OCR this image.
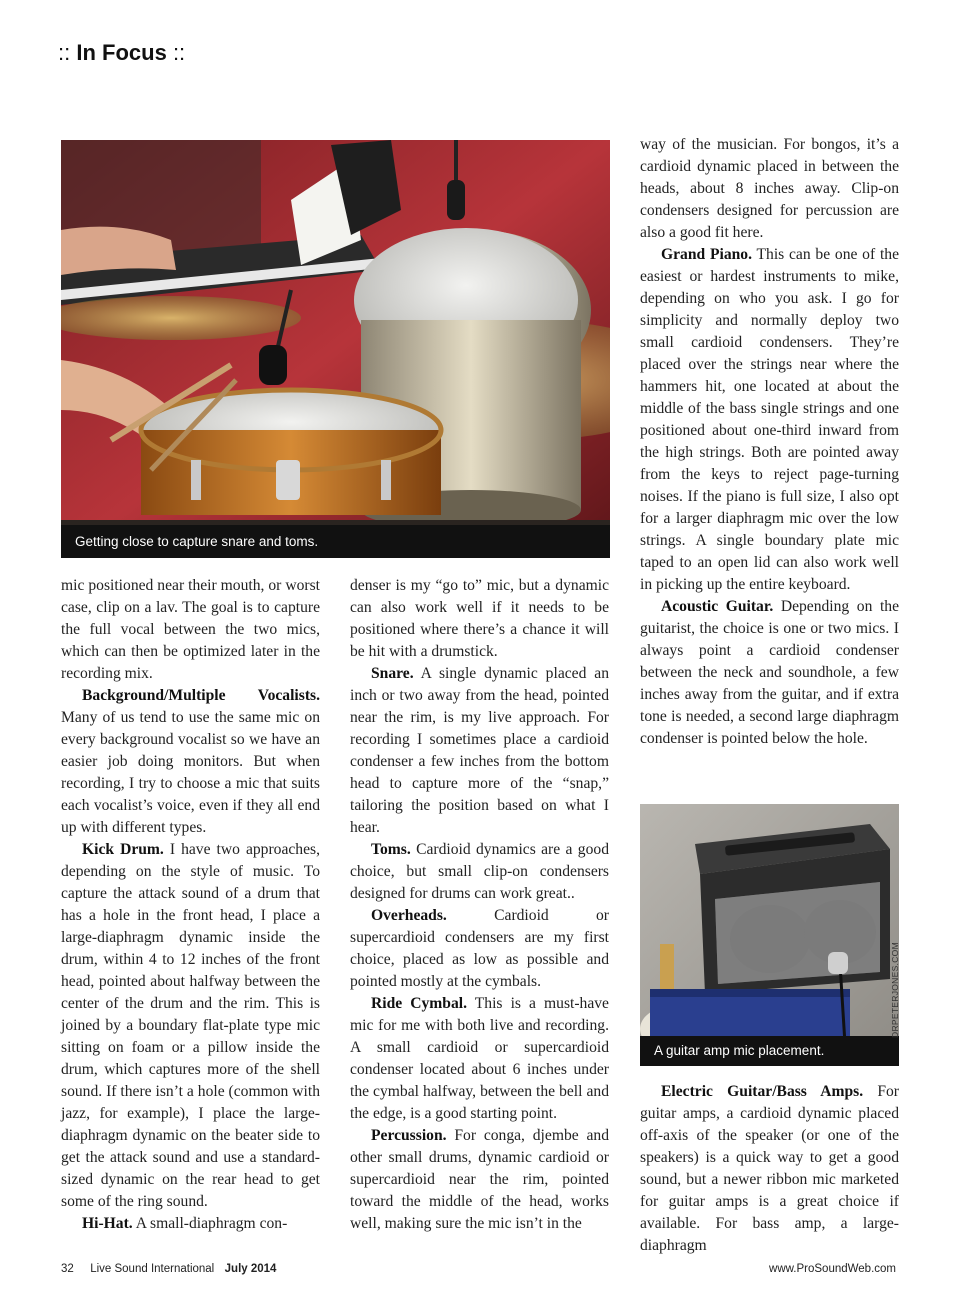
:: In Focus ::
Getting close to capture snare and toms.

mic positioned near their mouth, or worst case, clip on a lav. The goal is to capture the full vocal between the two mics, which can then be optimized later in the recording mix.

Background/Multiple Vocalists. Many of us tend to use the same mic on every background vocalist so we have an easier job doing monitors. But when recording, I try to choose a mic that suits each vocalist’s voice, even if they all end up with different types.

Kick Drum. I have two approaches, depending on the style of music. To capture the attack sound of a drum that has a hole in the front head, I place a large-diaphragm dynamic inside the drum, within 4 to 12 inches of the front head, pointed about halfway between the center of the drum and the rim. This is joined by a boundary flat-plate type mic sitting on foam or a pillow inside the drum, which captures more of the shell sound. If there isn’t a hole (common with jazz, for example), I place the large-diaphragm dynamic on the beater side to get the attack sound and use a standard-sized dynamic on the rear head to get some of the ring sound.

Hi-Hat. A small-diaphragm con-

denser is my “go to” mic, but a dynamic can also work well if it needs to be positioned where there’s a chance it will be hit with a drumstick.

Snare. A single dynamic placed an inch or two away from the head, pointed near the rim, is my live approach. For recording I sometimes place a cardioid condenser a few inches from the bottom head to capture more of the “snap,” tailoring the position based on what I hear.

Toms. Cardioid dynamics are a good choice, but small clip-on condensers designed for drums can work great..

Overheads. Cardioid or supercardioid condensers are my first choice, placed as low as possible and pointed mostly at the cymbals.

Ride Cymbal. This is a must-have mic for me with both live and recording. A small cardioid or supercardioid condenser located about 6 inches under the cymbal halfway, between the bell and the edge, is a good starting point.

Percussion. For conga, djembe and other small drums, dynamic cardioid or supercardioid near the rim, pointed toward the middle of the head, works well, making sure the mic isn’t in the

way of the musician. For bongos, it’s a cardioid dynamic placed in between the heads, about 8 inches away. Clip-on condensers designed for percussion are also a good fit here.

Grand Piano. This can be one of the easiest or hardest instruments to mike, depending on who you ask. I go for simplicity and normally deploy two small cardioid condensers. They’re placed over the strings near where the hammers hit, one located at about the middle of the bass single strings and one positioned about one-third inward from the high strings. Both are pointed away from the keys to reject page-turning noises. If the piano is full size, I also opt for a larger diaphragm mic over the low strings. A single boundary plate mic taped to an open lid can also work well in picking up the entire keyboard.

Acoustic Guitar. Depending on the guitarist, the choice is one or two mics. I always point a cardioid condenser between the neck and soundhole, a few inches away from the guitar, and if extra tone is needed, a second large diaphragm condenser is pointed below the hole.

A guitar amp mic placement.
DRPETERJONES.COM

Electric Guitar/Bass Amps. For guitar amps, a cardioid dynamic placed off-axis of the speaker (or one of the speakers) is a quick way to get a good sound, but a newer ribbon mic marketed for guitar amps is a great choice if available. For bass amp, a large-diaphragm

32 Live Sound International July 2014	www.ProSoundWeb.com
